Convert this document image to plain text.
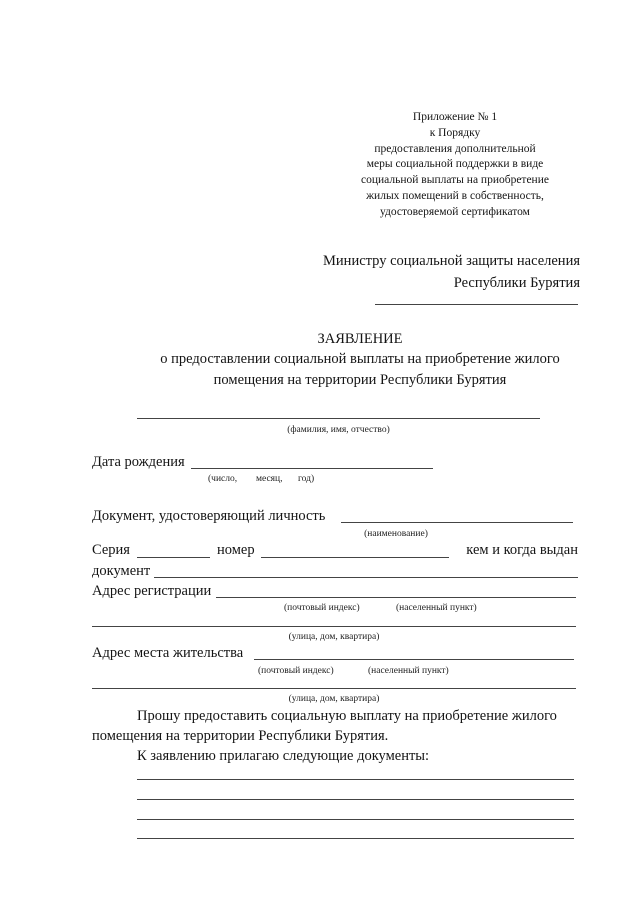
Приложение № 1
к Порядку
предоставления дополнительной
меры социальной поддержки в виде
социальной выплаты на приобретение
жилых помещений в собственность,
удостоверяемой сертификатом
Министру социальной защиты населения
Республики Бурятия
ЗАЯВЛЕНИЕ
о предоставлении социальной выплаты на приобретение жилого
помещения на территории Республики Бурятия
(фамилия, имя, отчество)
Дата рождения
(число, месяц, год)
Документ, удостоверяющий личность
(наименование)
Серия	номер	кем и когда выдан
документ
Адрес регистрации
(почтовый индекс)	(населенный пункт)
(улица, дом, квартира)
Адрес места жительства
(почтовый индекс)	(населенный пункт)
(улица, дом, квартира)
Прошу предоставить социальную выплату на приобретение жилого
помещения на территории Республики Бурятия.
К заявлению прилагаю следующие документы:
